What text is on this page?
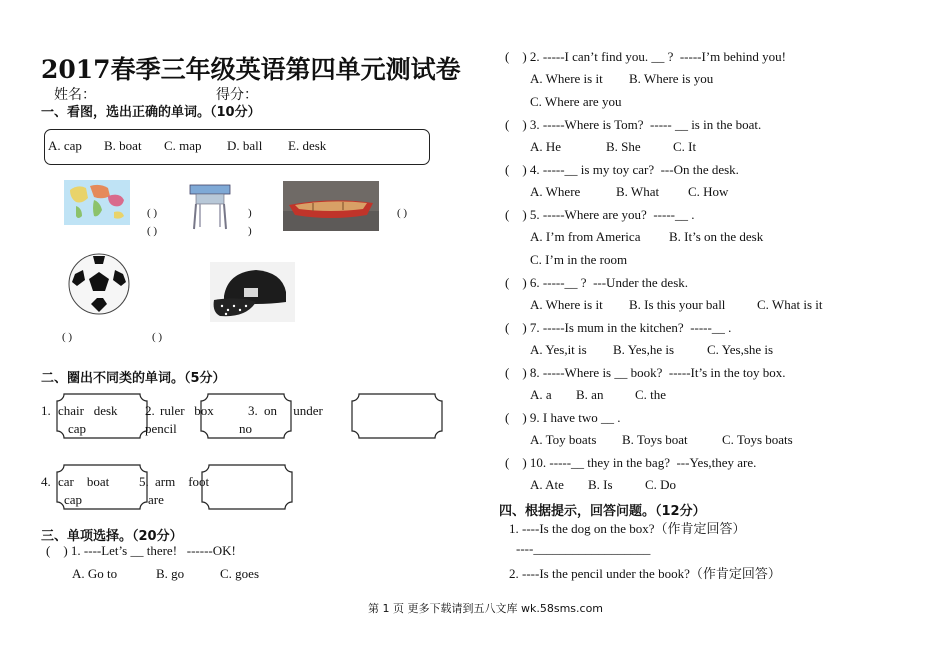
2017春季三年级英语第四单元测试卷
姓名：	得分：
一、看图，选出正确的单词。（10分）
A. cap B. boat C. map D. ball E. desk
( )
( )
)
)
( )
( )	( )
二、圈出不同类的单词。（5分）
1. chair   desk
cap
2. ruler   box
pencil
3. on     under
no
4. car    boat
cap
5. arm    foot
are
三、单项选择。（20分）
(    ) 1. ----Let’s __ there!   ------OK!
A. Go to	B. go	C. goes
(    ) 2. -----I can’t find you. __ ?  -----I’m behind you!
A. Where is it B. Where is you
C. Where are you
(    ) 3. -----Where is Tom?  ----- __ is in the boat.
A. He	B. She C. It
(    ) 4. -----__ is my toy car?  ---On the desk.
A. Where	B. What C. How
(    ) 5. -----Where are you?  -----__ .
A. I’m from America B. It’s on the desk
C. I’m in the room
(    ) 6. -----__ ?  ---Under the desk.
A. Where is it B. Is this your ball C. What is it
(    ) 7. -----Is mum in the kitchen?  -----__ .
A. Yes,it is B. Yes,he is	C. Yes,she is
(    ) 8. -----Where is __ book?  -----It’s in the toy box.
A. a B. an C. the
(    ) 9. I have two __ .
A. Toy boats B. Toys boat	C. Toys boats
(    ) 10. -----__ they in the bag?  ---Yes,they are.
A. Ate B. Is C. Do
四、根据提示，回答问题。（12分）
1. ----Is the dog on the box?（作肯定回答）
----__________________
2. ----Is the pencil under the book?（作肯定回答）
第 1 页 更多下载请到五八文库 wk.58sms.com
